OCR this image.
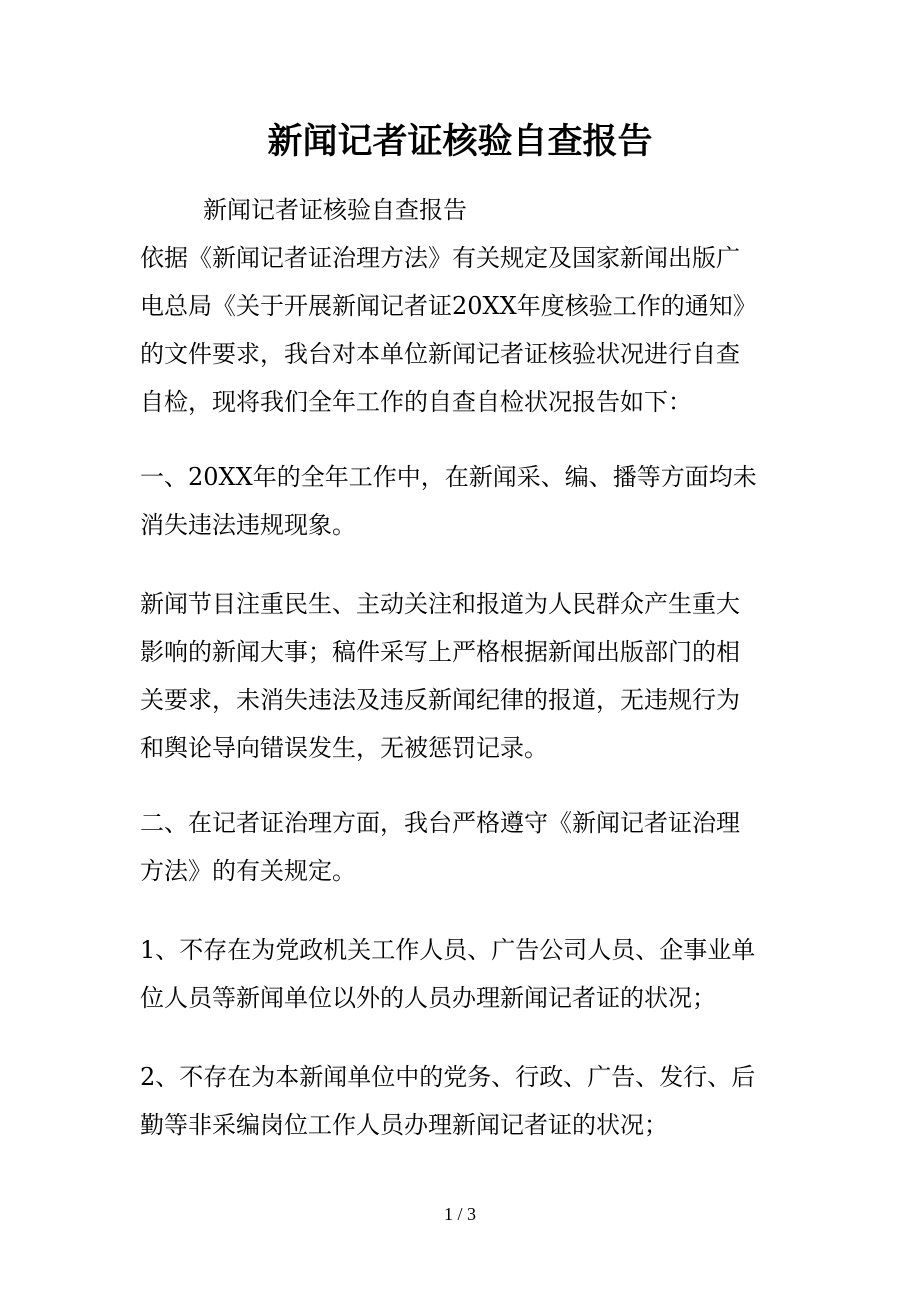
新闻记者证核验自查报告

新闻记者证核验自查报告

依据《新闻记者证治理方法》有关规定及国家新闻出版广
电总局《关于开展新闻记者证20XX年度核验工作的通知》
的文件要求，我台对本单位新闻记者证核验状况进行自查
自检，现将我们全年工作的自查自检状况报告如下：

一、20XX年的全年工作中，在新闻采、编、播等方面均未
消失违法违规现象。

新闻节目注重民生、主动关注和报道为人民群众产生重大
影响的新闻大事；稿件采写上严格根据新闻出版部门的相
关要求，未消失违法及违反新闻纪律的报道，无违规行为
和舆论导向错误发生，无被惩罚记录。

二、在记者证治理方面，我台严格遵守《新闻记者证治理
方法》的有关规定。

1、不存在为党政机关工作人员、广告公司人员、企事业单
位人员等新闻单位以外的人员办理新闻记者证的状况；

2、不存在为本新闻单位中的党务、行政、广告、发行、后
勤等非采编岗位工作人员办理新闻记者证的状况；

1 / 3
